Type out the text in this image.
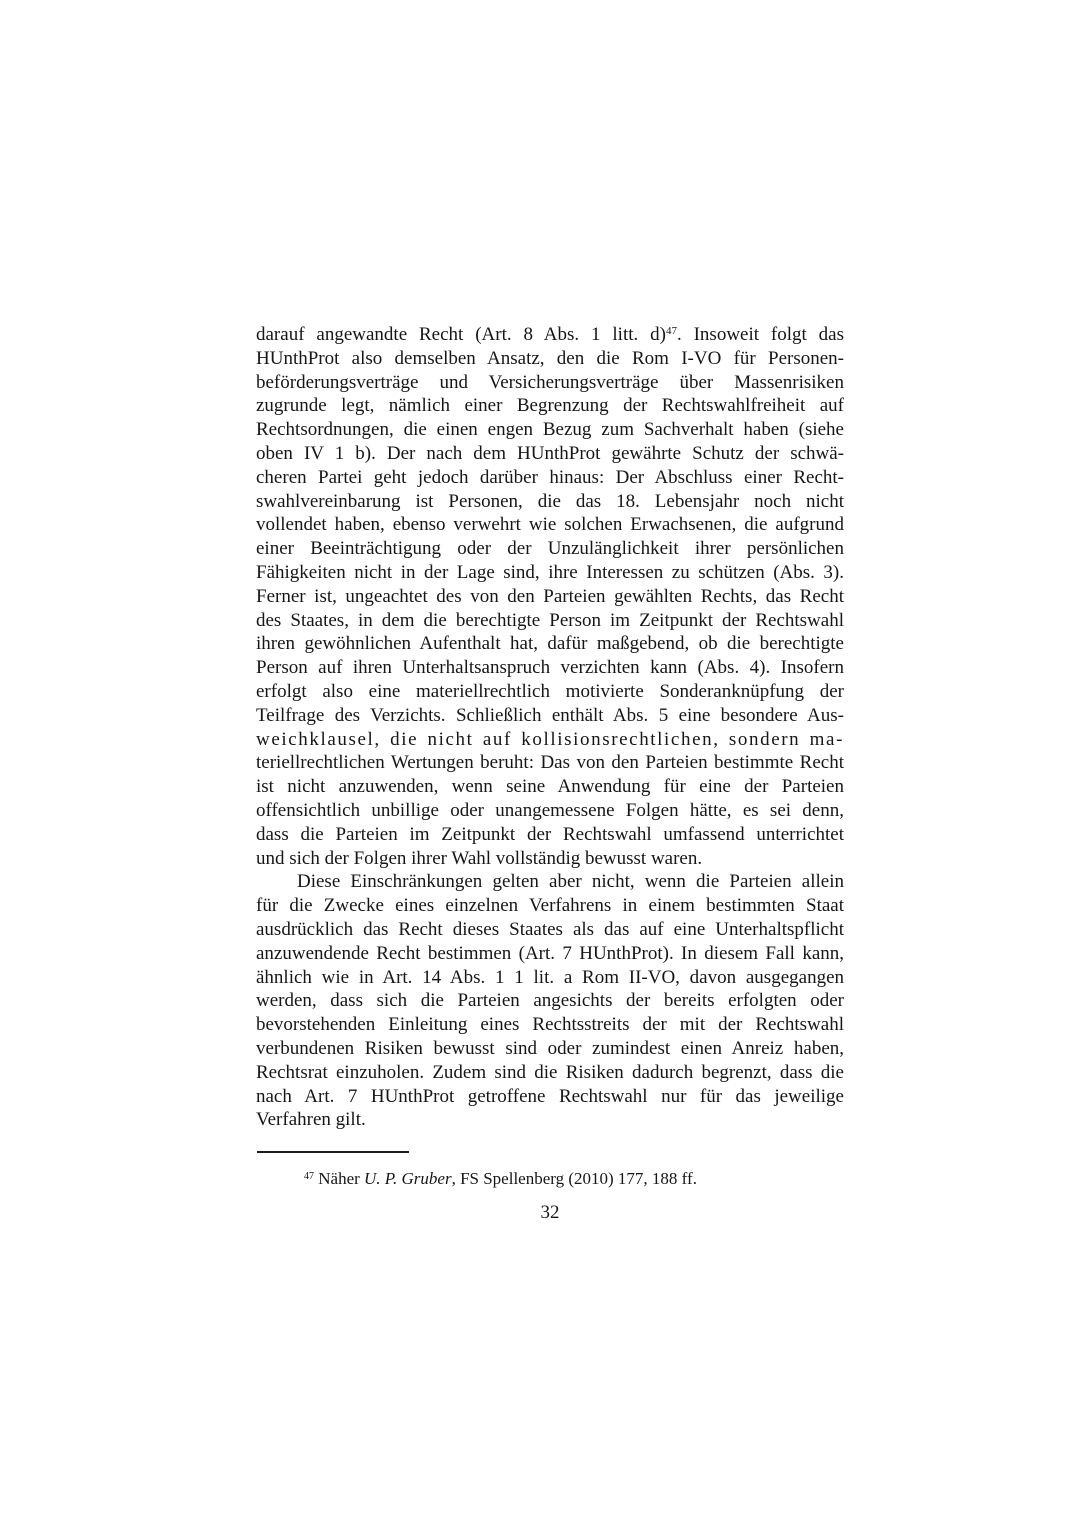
darauf angewandte Recht (Art. 8 Abs. 1 litt. d)$^{47}$. Insoweit folgt das
HUnthProt also demselben Ansatz, den die Rom I-VO für Personen-
beförderungsverträge und Versicherungsverträge über Massenrisiken
zugrunde legt, nämlich einer Begrenzung der Rechtswahlfreiheit auf
Rechtsordnungen, die einen engen Bezug zum Sachverhalt haben (siehe
oben IV 1 b). Der nach dem HUnthProt gewährte Schutz der schwä-
cheren Partei geht jedoch darüber hinaus: Der Abschluss einer Recht-
swahlvereinbarung ist Personen, die das 18. Lebensjahr noch nicht
vollendet haben, ebenso verwehrt wie solchen Erwachsenen, die aufgrund
einer Beeinträchtigung oder der Unzulänglichkeit ihrer persönlichen
Fähigkeiten nicht in der Lage sind, ihre Interessen zu schützen (Abs. 3).
Ferner ist, ungeachtet des von den Parteien gewählten Rechts, das Recht
des Staates, in dem die berechtigte Person im Zeitpunkt der Rechtswahl
ihren gewöhnlichen Aufenthalt hat, dafür maßgebend, ob die berechtigte
Person auf ihren Unterhaltsanspruch verzichten kann (Abs. 4). Insofern
erfolgt also eine materiellrechtlich motivierte Sonderanknüpfung der
Teilfrage des Verzichts. Schließlich enthält Abs. 5 eine besondere Aus-
weichklausel, die nicht auf kollisionsrechtlichen, sondern ma-
teriellrechtlichen Wertungen beruht: Das von den Parteien bestimmte Recht
ist nicht anzuwenden, wenn seine Anwendung für eine der Parteien
offensichtlich unbillige oder unangemessene Folgen hätte, es sei denn,
dass die Parteien im Zeitpunkt der Rechtswahl umfassend unterrichtet
und sich der Folgen ihrer Wahl vollständig bewusst waren.
Diese Einschränkungen gelten aber nicht, wenn die Parteien allein
für die Zwecke eines einzelnen Verfahrens in einem bestimmten Staat
ausdrücklich das Recht dieses Staates als das auf eine Unterhaltspflicht
anzuwendende Recht bestimmen (Art. 7 HUnthProt). In diesem Fall kann,
ähnlich wie in Art. 14 Abs. 1 1 lit. a Rom II-VO, davon ausgegangen
werden, dass sich die Parteien angesichts der bereits erfolgten oder
bevorstehenden Einleitung eines Rechtsstreits der mit der Rechtswahl
verbundenen Risiken bewusst sind oder zumindest einen Anreiz haben,
Rechtsrat einzuholen. Zudem sind die Risiken dadurch begrenzt, dass die
nach Art. 7 HUnthProt getroffene Rechtswahl nur für das jeweilige
Verfahren gilt.
$^{47}$ Näher U. P. Gruber, FS Spellenberg (2010) 177, 188 ff.
32
